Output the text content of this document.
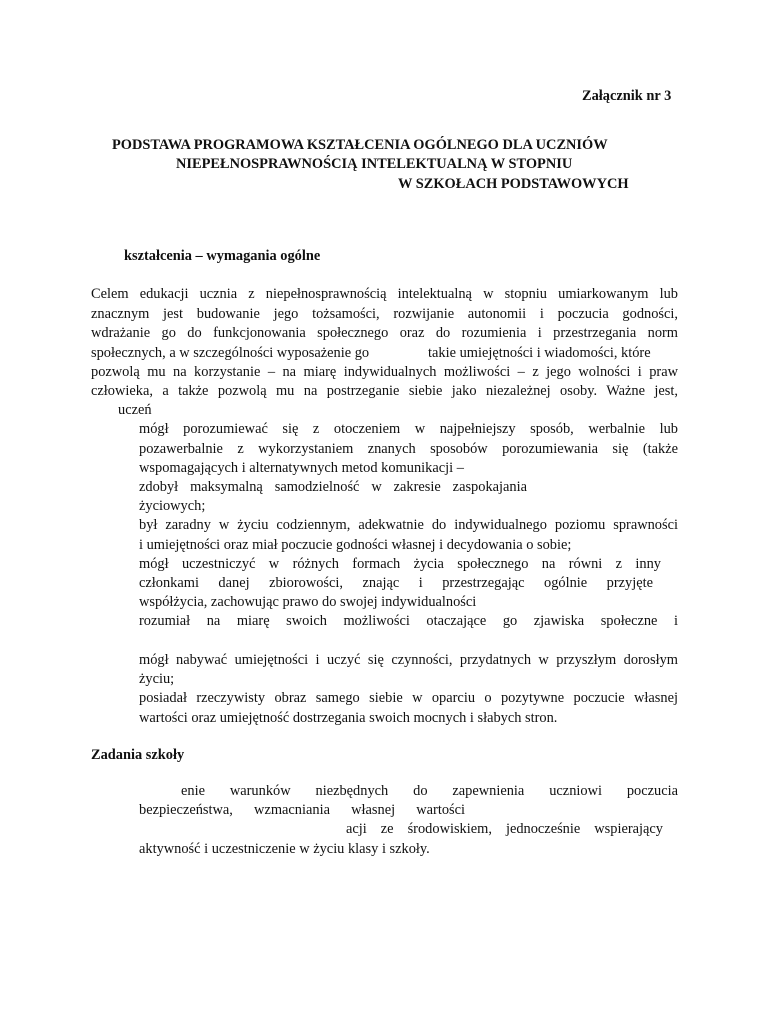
Załącznik nr 3
PODSTAWA PROGRAMOWA KSZTAŁCENIA OGÓLNEGO DLA UCZNIÓW
NIEPEŁNOSPRAWNOŚCIĄ INTELEKTUALNĄ W STOPNIU
W SZKOŁACH PODSTAWOWYCH
kształcenia – wymagania ogólne
Celem edukacji ucznia z niepełnosprawnością intelektualną w stopniu umiarkowanym lub
znacznym jest budowanie jego tożsamości, rozwijanie autonomii i poczucia godności,
wdrażanie go do funkcjonowania społecznego oraz do rozumienia i przestrzegania norm
społecznych, a w szczególności wyposażenie go	takie umiejętności i wiadomości, które
pozwolą mu na korzystanie – na miarę indywidualnych możliwości – z jego wolności i praw
człowieka, a także pozwolą mu na postrzeganie siebie jako niezależnej osoby. Ważne jest,
uczeń
mógł porozumiewać się z otoczeniem w najpełniejszy sposób, werbalnie lub
pozawerbalnie z wykorzystaniem znanych sposobów porozumiewania się (także
wspomagających i alternatywnych metod komunikacji –
zdobył maksymalną samodzielność w zakresie zaspokajania
życiowych;
był zaradny w życiu codziennym, adekwatnie do indywidualnego poziomu sprawności
i umiejętności oraz miał poczucie godności własnej i decydowania o sobie;
mógł uczestniczyć w różnych formach życia społecznego na równi z inny
członkami danej zbiorowości, znając i przestrzegając ogólnie przyjęte
współżycia, zachowując prawo do swojej indywidualności
rozumiał na miarę swoich możliwości otaczające go zjawiska społeczne i
mógł nabywać umiejętności i uczyć się czynności, przydatnych w przyszłym dorosłym
życiu;
posiadał rzeczywisty obraz samego siebie w oparciu o pozytywne poczucie własnej
wartości oraz umiejętność dostrzegania swoich mocnych i słabych stron.
Zadania szkoły
enie warunków niezbędnych do zapewnienia uczniowi poczucia
bezpieczeństwa, wzmacniania własnej wartości
acji ze środowiskiem, jednocześnie wspierający
aktywność i uczestniczenie w życiu klasy i szkoły.
